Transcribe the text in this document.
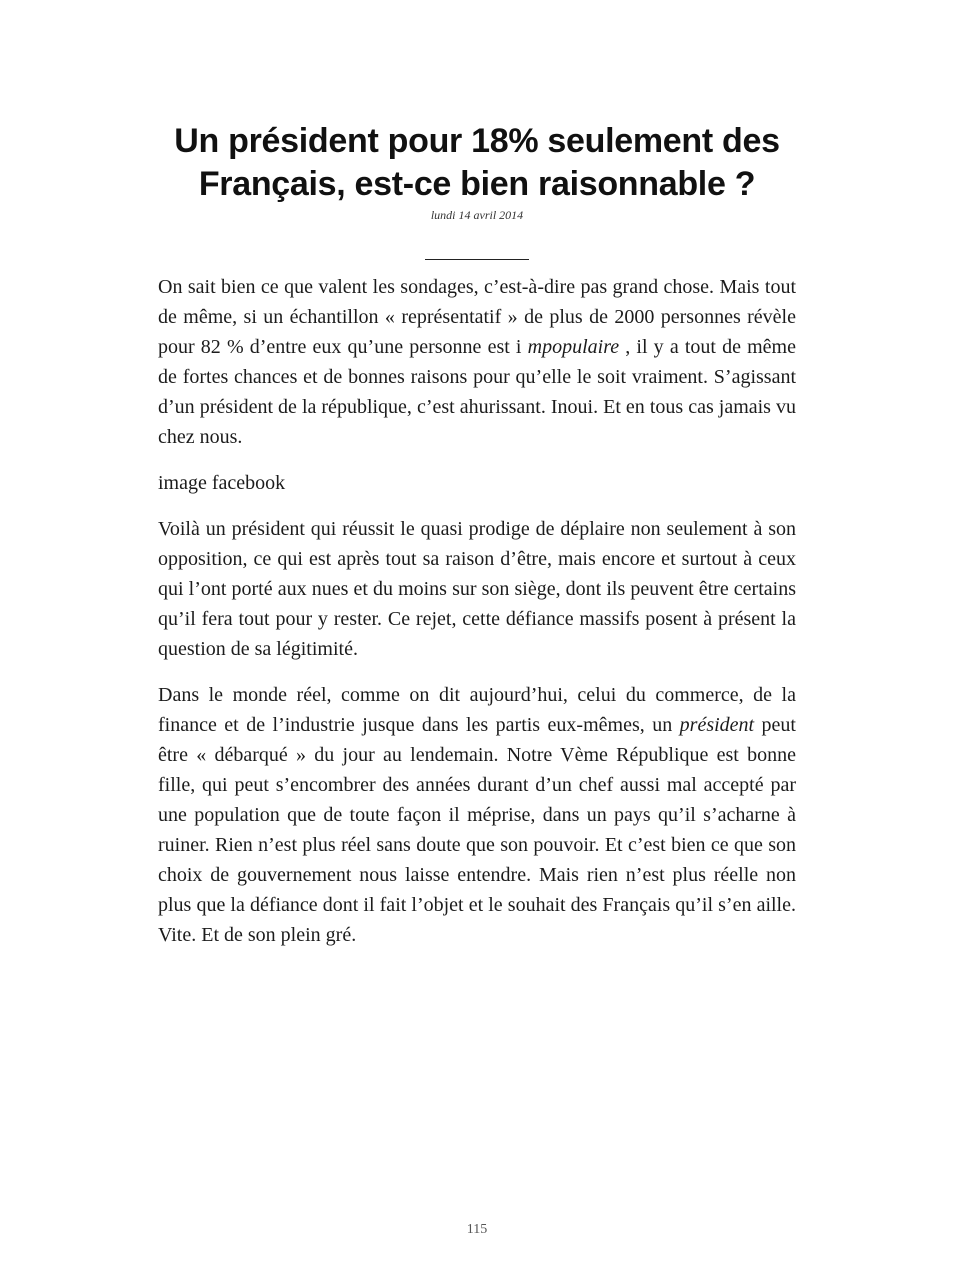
Un président pour 18% seulement des Français, est-ce bien raisonnable ?
lundi 14 avril 2014

On sait bien ce que valent les sondages, c’est-à-dire pas grand chose. Mais tout de même, si un échantillon « représentatif » de plus de 2000 personnes révèle pour 82 % d’entre eux qu’une personne est i mpopulaire , il y a tout de même de fortes chances et de bonnes raisons pour qu’elle le soit vraiment. S’agissant d’un président de la république, c’est ahurissant. Inoui. Et en tous cas jamais vu chez nous.

image facebook

Voilà un président qui réussit le quasi prodige de déplaire non seulement à son opposition, ce qui est après tout sa raison d’être, mais encore et surtout à ceux qui l’ont porté aux nues et du moins sur son siège, dont ils peuvent être certains qu’il fera tout pour y rester. Ce rejet, cette défiance massifs posent à présent la question de sa légitimité.

Dans le monde réel, comme on dit aujourd’hui, celui du commerce, de la finance et de l’industrie jusque dans les partis eux-mêmes, un président peut être « débarqué » du jour au lendemain. Notre Vème République est bonne fille, qui peut s’encombrer des années durant d’un chef aussi mal accepté par une population que de toute façon il méprise, dans un pays qu’il s’acharne à ruiner. Rien n’est plus réel sans doute que son pouvoir. Et c’est bien ce que son choix de gouvernement nous laisse entendre. Mais rien n’est plus réelle non plus que la défiance dont il fait l’objet et le souhait des Français qu’il s’en aille. Vite. Et de son plein gré.

115
